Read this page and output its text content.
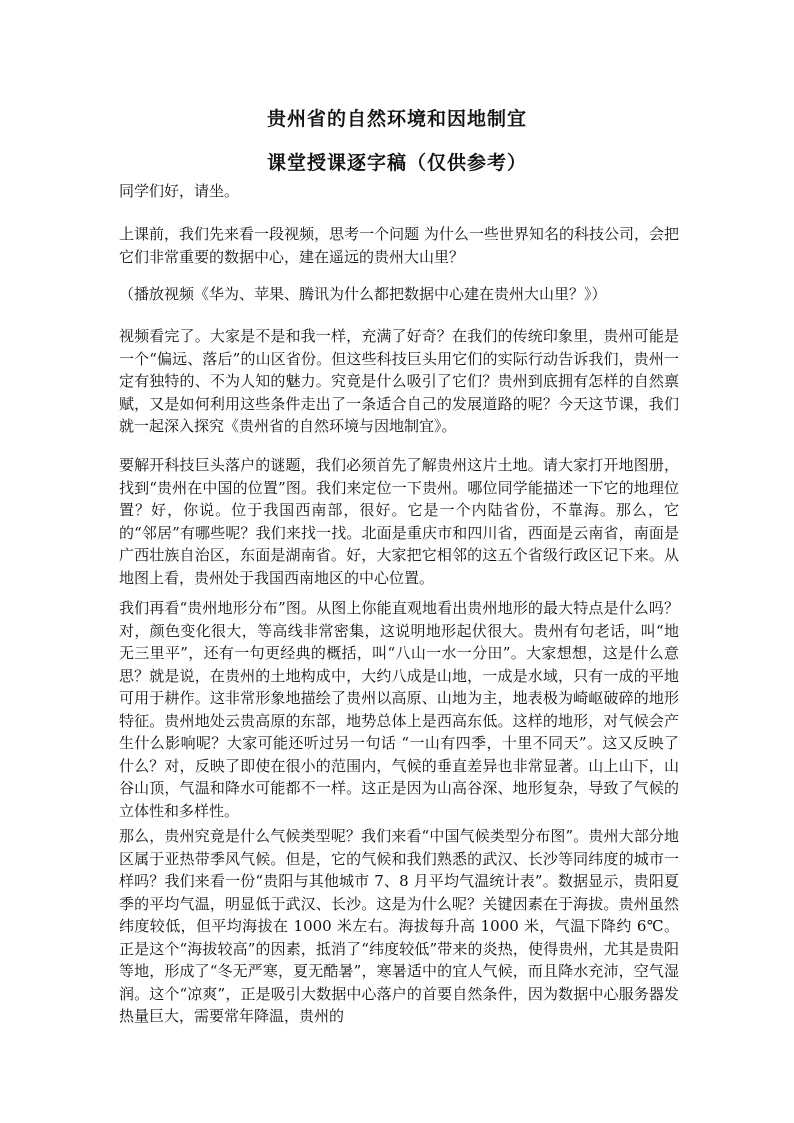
贵州省的自然环境和因地制宜
课堂授课逐字稿（仅供参考）

同学们好，请坐。

上课前，我们先来看一段视频，思考一个问题 为什么一些世界知名的科技公司，会把它们非常重要的数据中心，建在遥远的贵州大山里？

（播放视频《华为、苹果、腾讯为什么都把数据中心建在贵州大山里？》）

视频看完了。大家是不是和我一样，充满了好奇？在我们的传统印象里，贵州可能是一个“偏远、落后”的山区省份。但这些科技巨头用它们的实际行动告诉我们，贵州一定有独特的、不为人知的魅力。究竟是什么吸引了它们？贵州到底拥有怎样的自然禀赋，又是如何利用这些条件走出了一条适合自己的发展道路的呢？今天这节课，我们就一起深入探究《贵州省的自然环境与因地制宜》。

要解开科技巨头落户的谜题，我们必须首先了解贵州这片土地。请大家打开地图册，找到“贵州在中国的位置”图。我们来定位一下贵州。哪位同学能描述一下它的地理位置？好，你说。位于我国西南部，很好。它是一个内陆省份，不靠海。那么，它的“邻居”有哪些呢？我们来找一找。北面是重庆市和四川省，西面是云南省，南面是广西壮族自治区，东面是湖南省。好，大家把它相邻的这五个省级行政区记下来。从地图上看，贵州处于我国西南地区的中心位置。

我们再看“贵州地形分布”图。从图上你能直观地看出贵州地形的最大特点是什么吗？对，颜色变化很大，等高线非常密集，这说明地形起伏很大。贵州有句老话，叫“地无三里平”，还有一句更经典的概括，叫“八山一水一分田”。大家想想，这是什么意思？就是说，在贵州的土地构成中，大约八成是山地，一成是水域，只有一成的平地可用于耕作。这非常形象地描绘了贵州以高原、山地为主，地表极为崎岖破碎的地形特征。贵州地处云贵高原的东部，地势总体上是西高东低。这样的地形，对气候会产生什么影响呢？大家可能还听过另一句话 “一山有四季，十里不同天”。这又反映了什么？对，反映了即使在很小的范围内，气候的垂直差异也非常显著。山上山下，山谷山顶，气温和降水可能都不一样。这正是因为山高谷深、地形复杂，导致了气候的立体性和多样性。

那么，贵州究竟是什么气候类型呢？我们来看“中国气候类型分布图”。贵州大部分地区属于亚热带季风气候。但是，它的气候和我们熟悉的武汉、长沙等同纬度的城市一样吗？我们来看一份“贵阳与其他城市 7、8 月平均气温统计表”。数据显示，贵阳夏季的平均气温，明显低于武汉、长沙。这是为什么呢？关键因素在于海拔。贵州虽然纬度较低，但平均海拔在 1000 米左右。海拔每升高 1000 米，气温下降约 6℃。正是这个“海拔较高”的因素，抵消了“纬度较低”带来的炎热，使得贵州，尤其是贵阳等地，形成了“冬无严寒，夏无酷暑”，寒暑适中的宜人气候，而且降水充沛，空气湿润。这个“凉爽”，正是吸引大数据中心落户的首要自然条件，因为数据中心服务器发热量巨大，需要常年降温，贵州的
